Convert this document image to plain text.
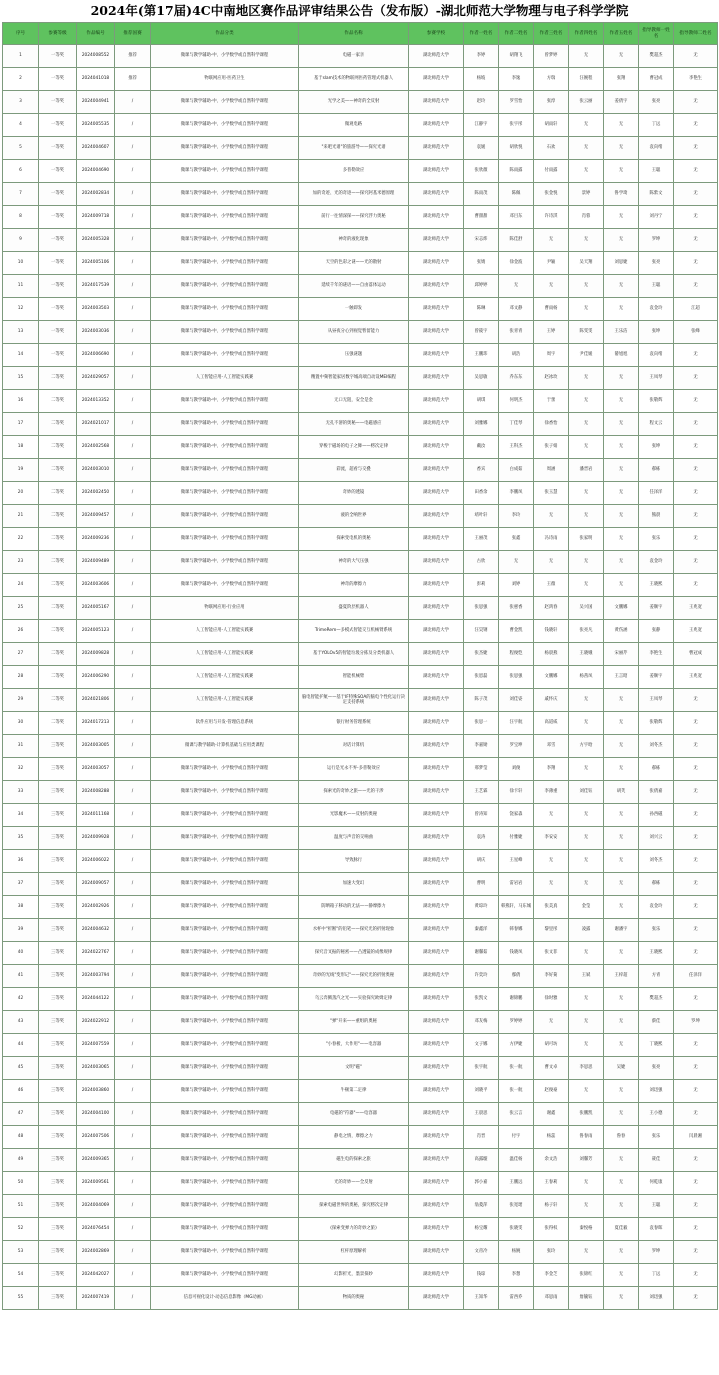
2024年(第17届)4C中南地区赛作品评审结果公告（发布版）-湖北师范大学物理与电子科学学院
序号	参赛等级	作品编号	推荐国赛	作品分类	作品名称	参赛学校	作者一姓名	作者二姓名	作者三姓名	作者四姓名	作者五姓名	指导教师一姓名	指导教师二姓名
1	一等奖	2024008552	推荐	微课与教学辅助-中、小学数学或自然科学课程	电磁一家亲	湖北师范大学	李婷	胡翔飞	曾梦婷	无	无	樊超杰	无
2	一等奖	2024041018	推荐	物联网应用-医药卫生	基于slam技术的物联网医药管理式机器人	湖北师范大学	杨坡	李逸	方瑞	汪婉程	张翔	曹冠成	李艳生
3	一等奖	2024004941	/	微课与教学辅助-中、小学数学或自然科学课程	光学之美——神奇的全反射	湖北师范大学	赵玲	罗雪怡	张淳	张云丽	姜倩宇	张亮	无
4	一等奖	2024005535	/	微课与教学辅助-中、小学数学或自然科学课程	微观电路	湖北师范大学	江静宇	张宇彤	胡雨轩	无	无	丁远	无
5	一等奖	2024004607	/	微课与教学辅助-中、小学数学或自然科学课程	"来吧光谱"的旅游导——探究光谱	湖北师范大学	袁媛	胡欣悦	石欢	无	无	袁向绪	无
6	一等奖	2024004690	/	微课与教学辅助-中、小学数学或自然科学课程	多普勒效应	湖北师范大学	张欣薇	陈雨露	付雨露	无	无	王聪	无
7	一等奖	2024002834	/	微课与教学辅助-中、小学数学或自然科学课程	加的奇迹、光的奇迹——探究阿基米德原理	湖北师范大学	陈雨茂	陈佩	张金悦	景婷	鲁学琦	陈紫文	无
8	一等奖	2024009718	/	微课与教学辅助-中、小学数学或自然科学课程	前行一往情深探——探究浮力奥秘	湖北师范大学	曹甜甜	邓目东	许诗淇	肖蓉	无	刘丹宁	无
9	一等奖	2024005328	/	微课与教学辅助-中、小学数学或自然科学课程	神奇的液化现象	湖北师范大学	宋志炜	陈佳舒	无	无	无	罗坤	无
10	一等奖	2024005106	/	微课与教学辅助-中、小学数学或自然科学课程	天空的色彩之谜——光的散射	湖北师范大学	张婧	徐金波	尹颖	吴天翔	刘思婕	张亮	无
11	一等奖	2024017539	/	微课与教学辅助-中、小学数学或自然科学课程	延续千年的谜语——自由落体运动	湖北师范大学	邱婷婷	无	无	无	无	王聪	无
12	一等奖	2024003503	/	微课与教学辅助-中、小学数学或自然科学课程	一触即发	湖北师范大学	陈琳	邓文静	曹雨杨	无	无	袁金玲	江超
13	一等奖	2024003036	/	微课与教学辅助-中、小学数学或自然科学课程	从昼夜分心到视觉暂留能力	湖北师范大学	曾筱宇	张青青	王婷	陈雯雯	王乐洁	张坤	张峰
14	一等奖	2024006690	/	微课与教学辅助-中、小学数学或自然科学课程	压强谜题	湖北师范大学	王鹏玮	胡浩	周宇	尹佳媛	綦旭旭	袁向绪	无
15	二等奖	2024029057	/	人工智能应用-人工智能实践赛	精置中频智能家居数字城高端自动设MEI编程	湖北师范大学	吴思敏	乔东东	赵冰玫	无	无	王凤琴	无
16	二等奖	2024013352	/	微课与教学辅助-中、小学数学或自然科学课程	无口无阻，安全是金	湖北师范大学	胡琪	何明杰	于蕾	无	无	张敬辉	无
17	二等奖	2024021017	/	微课与教学辅助-中、小学数学或自然科学课程	无孔不溶的奥秘——电磁感应	湖北师范大学	刘雅娜	丁佳琴	徐香怡	无	无	程文云	无
18	二等奖	2024002568	/	微课与教学辅助-中、小学数学或自然科学课程	穿梭于磁场的电子之舞——楞次定律	湖北师范大学	戴汝	王科杰	张子娟	无	无	张坤	无
19	二等奖	2024003010	/	微课与教学辅助-中、小学数学或自然科学课程	彩流，超看与交叠	湖北师范大学	香宾	白成茹	周涵	潘晋岩	无	郝栋	无
20	二等奖	2024002450	/	微课与教学辅助-中、小学数学或自然科学课程	奇妙的透镜	湖北师范大学	田香余	李鹏凤	张玉慧	无	无	任泽洋	无
21	二等奖	2024009457	/	微课与教学辅助-中、小学数学或自然科学课程	液的全响世界	湖北师范大学	靖叶轩	李玲	无	无	无	熊晨	无
22	二等奖	2024009236	/	微课与教学辅助-中、小学数学或自然科学课程	探索变电机的奥秘	湖北师范大学	王丽茂	张鑫	冯诗雨	张家明	无	张乐	无
23	二等奖	2024009489	/	微课与教学辅助-中、小学数学或自然科学课程	神奇的大气压强	湖北师范大学	古欣	无	无	无	无	袁金玲	无
24	二等奖	2024003606	/	微课与教学辅助-中、小学数学或自然科学课程	神奇的摩擦力	湖北师范大学	彭莉	刘婷	王薇	无	无	王晓熙	无
25	二等奖	2024005167	/	物联网应用-行业应用	盛夏阶层机器人	湖北师范大学	张思强	张惠香	赵鸿春	吴兴国	文鹏娜	姜顺宇	王兆宽
26	二等奖	2024005123	/	人工智能应用-人工智能实践赛	TrimeRem—多模式智能交互机械臂系统	湖北师范大学	汪昊钢	曹金凯	钱晓轩	张亮凡	黄伤涵	张静	王兆宽
27	二等奖	2024009828	/	人工智能应用-人工智能实践赛	基于YOLOv5的智能垃圾分拣及分类机器人	湖北师范大学	张杰婕	程俊恺	杨晨燕	王晓娥	宋丽芹	李艳生	曹冠成
28	二等奖	2024006290	/	人工智能应用-人工智能实践赛	智能机械臂	湖北师范大学	张恩磊	张思强	文鹏娜	杨茜凤	王言昭	姜顺宇	王兆宽
29	二等奖	2024021806	/	人工智能应用-人工智能实践赛	脑电智能护航——基于IF特殊SOA的脑电个性化运行决定支持系统	湖北师范大学	陈子茂	刘佳姿	戚怀庆	无	无	王凤琴	无
30	二等奖	2024017213	/	软件应用与开发-管理信息系统	银行财务管理系统	湖北师范大学	张思一	汪宇航	高道威	无	无	张敬辉	无
31	三等奖	2024003005	/	微课与教学辅助-计算机基础与应用类课程	对话计算机	湖北师范大学	李嘉勋	罗宝坤	邓雪	方宇晗	无	刘冬杰	无
32	三等奖	2024003057	/	微课与教学辅助-中、小学数学或自然科学课程	运行是光永不弃-多普勒效应	湖北师范大学	邢梦莹	刘俊	李翔	无	无	郝栋	无
33	三等奖	2024008288	/	微课与教学辅助-中、小学数学或自然科学课程	探索光的奇妙之旅——光的干涉	湖北师范大学	王艺霖	徐卡轩	李薄重	刘佳钰	胡芙	张倩嘉	无
34	三等奖	2024011168	/	微课与教学辅助-中、小学数学或自然科学课程	光影魔术——反射的奥秘	湖北师范大学	曾涛知	饶家淼	无	无	无	孙西磁	无
35	三等奖	2024009928	/	微课与教学辅助-中、小学数学或自然科学课程	温度与声音的交响曲	湖北师范大学	袁涛	付雅婕	李安安	无	无	刘兴云	无
36	三等奖	2024006022	/	微课与教学辅助-中、小学数学或自然科学课程	导致脉行	湖北师范大学	胡庆	王星峰	无	无	无	刘冬杰	无
37	三等奖	2024009057	/	微课与教学辅助-中、小学数学或自然科学课程	加速大变幻	湖北师范大学	曹明	雷岩岩	无	无	无	郝栋	无
38	三等奖	2024002926	/	微课与教学辅助-中、小学数学或自然科学课程	防晒箱子移动的无法——静摩擦力	湖北师范大学	黄琼玲	韩燕轩，马东城	张美真	金莹	无	袁金玲	无
39	三等奖	2024004632	/	微课与教学辅助-中、小学数学或自然科学课程	水杯中"折断"的铅笔——探究光的折射现象	湖北师范大学	秦鑫洋	韩春娜	黎里彤	凌露	谢潘宇	张乐	无
40	三等奖	2024022767	/	微课与教学辅助-中、小学数学或自然科学课程	探究音叉振的秘密——凸透镜的成像规律	湖北师范大学	谢馨茹	钱晓凤	张文菲	无	无	王晓熙	无
41	三等奖	2024003794	/	微课与教学辅助-中、小学数学或自然科学课程	奇妙的光线"变形记"——探究光的折射奥秘	湖北师范大学	许奕玲	鄢倩	李好菊	王斌	王梓超	方青	任泽洋
42	三等奖	2024044122	/	微课与教学辅助-中、小学数学或自然科学课程	乌云奔腾蒸汽之光——实验探究欧姆定律	湖北师范大学	张凯文	谢锦鹏	徐时雅	无	无	樊超杰	无
43	三等奖	2024022912	/	微课与教学辅助-中、小学数学或自然科学课程	"弹"开来——重组的奥秘	湖北师范大学	邓友梅	罗婷婷	无	无	无	蔡佳	罗坤
44	三等奖	2024007559	/	微课与教学辅助-中、小学数学或自然科学课程	"小春板，大作用"——电容器	湖北师范大学	文子娜	方伊婕	胡可坊	无	无	丁晓熙	无
45	三等奖	2024003065	/	微课与教学辅助-中、小学数学或自然科学课程	文明"磁"	湖北师范大学	张宇航	张一航	曹文卓	李思思	吴婕	张亮	无
46	三等奖	2024003860	/	微课与教学辅助-中、小学数学或自然科学课程	牛顿第二定律	湖北师范大学	刘晓平	张一航	赵俊豪	无	无	刘迅强	无
47	三等奖	2024004100	/	微课与教学辅助-中、小学数学或自然科学课程	电磁的"符器"——电容器	湖北师范大学	王晨思	张云言	谢鑫	张鹏凯	无	王小德	无
48	三等奖	2024007506	/	微课与教学辅助-中、小学数学或自然科学课程	静电之情，摩擦之力	湖北师范大学	肖晋	付宇	杨蕊	鲁春雨	鲁春	张乐	闫晨湘
49	三等奖	2024009365	/	微课与教学辅助-中、小学数学或自然科学课程	磁生电的探索之旅	湖北师范大学	高露璇	温佳杨	余文浩	刘馨芳	无	聂佳	无
50	三等奖	2024009561	/	微课与教学辅助-中、小学数学或自然科学课程	光的奇妙——全反射	湖北师范大学	郭小嘉	王鹏远	王春莉	无	无	何乾康	无
51	三等奖	2024004069	/	微课与教学辅助-中、小学数学或自然科学课程	探索电磁世界的奥秘，探究楞次定律	湖北师范大学	翁菱萍	张宽珺	杨子轩	无	无	王聪	无
52	三等奖	2024076454	/	微课与教学辅助-中、小学数学或自然科学课程	《探索变弹力的奇妙之旅》	湖北师范大学	杨宝耀	张晓雯	张得权	秦悦格	夏佳毅	袁春晖	无
53	三等奖	2024002869	/	微课与教学辅助-中、小学数学或自然科学课程	杠杆原理解析	湖北师范大学	文帝冷	杨婉	张玲	无	无	罗坤	无
54	三等奖	2024042027	/	微课与教学辅助-中、小学数学或自然科学课程	幻影折光，墨景探妙	湖北师范大学	钱琼	李想	李金芝	张锦红	无	丁远	无
55	三等奖	2024007419	/	信息可视化设计-动态信息影像（MG动画）	物质的奥秘	湖北师范大学	王知华	雷西乔	邓思雨	詹毓钰	无	刘迅强	无
